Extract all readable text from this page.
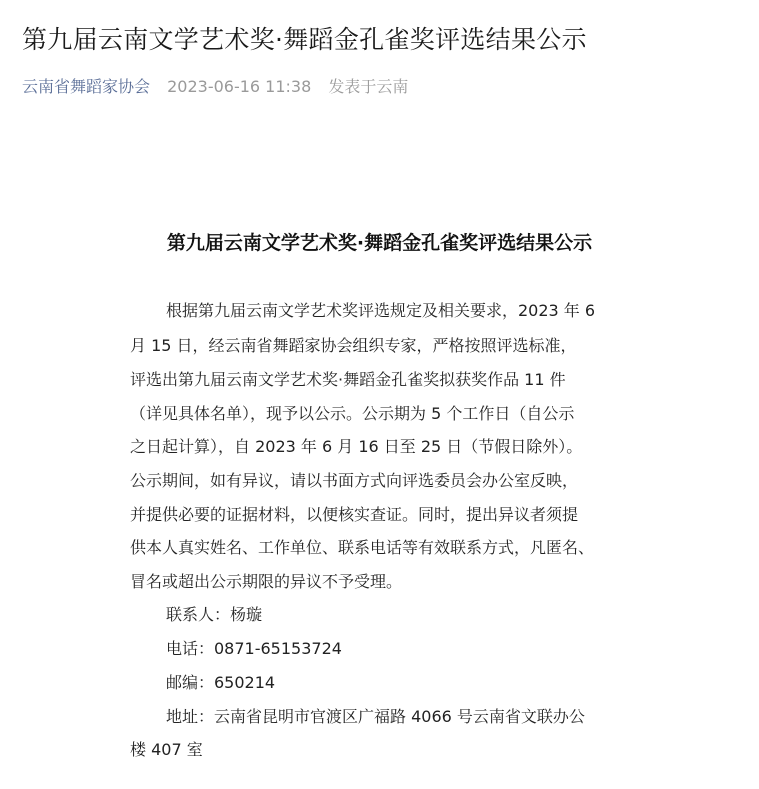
第九届云南文学艺术奖·舞蹈金孔雀奖评选结果公示
云南省舞蹈家协会 2023-06-16 11:38 发表于云南
第九届云南文学艺术奖·舞蹈金孔雀奖评选结果公示
根据第九届云南文学艺术奖评选规定及相关要求，2023 年 6
月 15 日，经云南省舞蹈家协会组织专家，严格按照评选标准，
评选出第九届云南文学艺术奖·舞蹈金孔雀奖拟获奖作品 11 件
（详见具体名单），现予以公示。公示期为 5 个工作日（自公示
之日起计算），自 2023 年 6 月 16 日至 25 日（节假日除外）。
公示期间，如有异议，请以书面方式向评选委员会办公室反映，
并提供必要的证据材料，以便核实查证。同时，提出异议者须提
供本人真实姓名、工作单位、联系电话等有效联系方式，凡匿名、
冒名或超出公示期限的异议不予受理。
联系人：杨璇
电话：0871-65153724
邮编：650214
地址：云南省昆明市官渡区广福路 4066 号云南省文联办公
楼 407 室
